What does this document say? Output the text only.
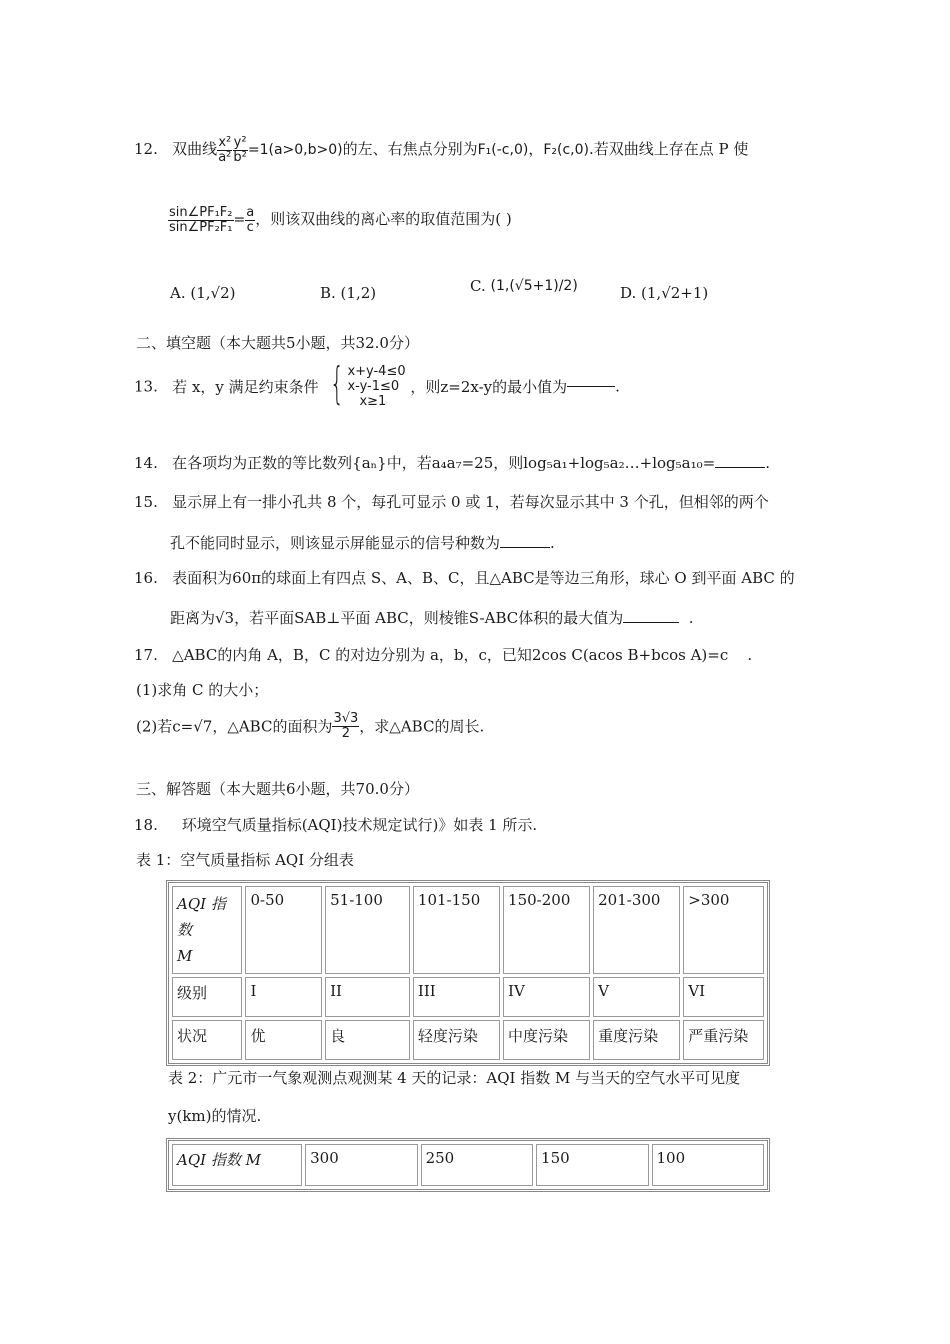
12. 双曲线 $\frac{\text{x²}}{\text{a²}} \frac{\text{y²}}{\text{b²}} =1(a>0,b>0)$的左、右焦点分别为F₁(-c,0)，F₂(c,0).若双曲线上存在点 P 使
$\frac{\text{sin∠PF₁F₂}}{\text{sin∠PF₂F₁}} = \frac{a}{c}$ ，则该双曲线的离心率的取值范围为( )
A. (1,√2)	B. (1,2)	C. (1,(√5+1)/2)	D. (1,√2+1)
二、填空题（本大题共5小题，共32.0分）
13. 若 x，y 满足约束条件 { x+y-4≤0
x-y-1≤0
x≥1
，则z=2x-y的最小值为	.
14. 在各项均为正数的等比数列{aₙ}中，若a₄a₇=25，则log₅a₁+log₅a₂…+log₅a₁₀=	.
15. 显示屏上有一排小孔共 8 个，每孔可显示 0 或 1，若每次显示其中 3 个孔，但相邻的两个
孔不能同时显示，则该显示屏能显示的信号种数为	.
16. 表面积为60π的球面上有四点 S、A、B、C，且△ABC是等边三角形，球心 O 到平面 ABC 的
距离为√3，若平面SAB⊥平面 ABC，则棱锥S-ABC体积的最大值为	.
17. △ABC的内角 A，B，C 的对边分别为 a，b，c，已知2cos C(acos B+bcos A)=c .
(1)求角 C 的大小；
(2)若c=√7，△ABC的面积为 $\frac{3√3}{2}$ ，求△ABC的周长.
三、解答题（本大题共6小题，共70.0分）
18. 环境空气质量指标(AQI)技术规定试行)》如表 1 所示.
表 1：空气质量指标 AQI 分组表
AQI 指数
M	0-50	51-100	101-150	150-200	201-300	>300
级别	I	II	III	IV	V	VI
状况	优	良	轻度污染	中度污染	重度污染	严重污染
表 2：广元市一气象观测点观测某 4 天的记录：AQI 指数 M 与当天的空气水平可见度
y(km)的情况.
AQI 指数 M	300	250	150	100
